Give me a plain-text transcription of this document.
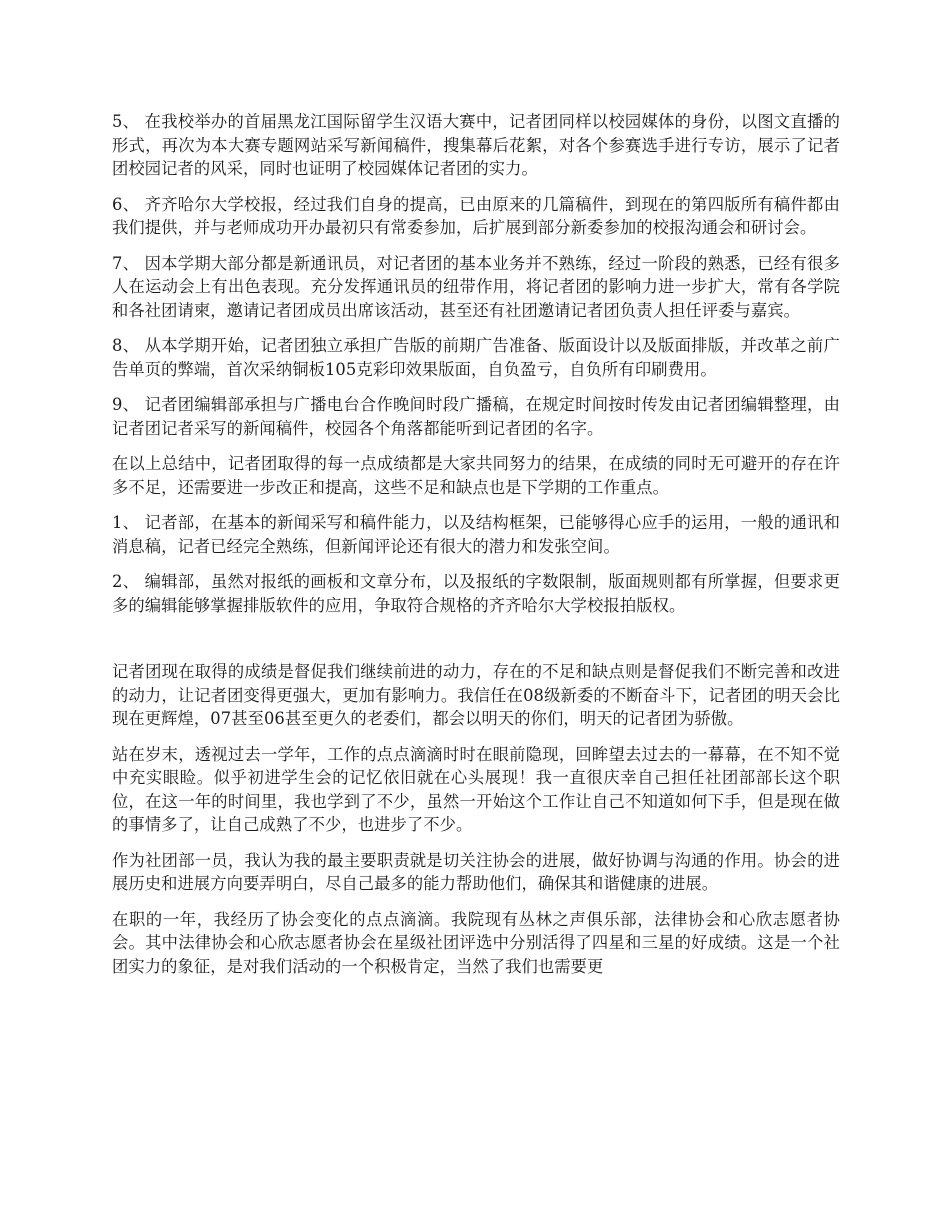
5、 在我校举办的首届黑龙江国际留学生汉语大赛中，记者团同样以校园媒体的身份，以图文直播的形式，再次为本大赛专题网站采写新闻稿件，搜集幕后花絮，对各个参赛选手进行专访，展示了记者团校园记者的风采，同时也证明了校园媒体记者团的实力。

6、 齐齐哈尔大学校报，经过我们自身的提高，已由原来的几篇稿件，到现在的第四版所有稿件都由我们提供，并与老师成功开办最初只有常委参加，后扩展到部分新委参加的校报沟通会和研讨会。

7、 因本学期大部分都是新通讯员，对记者团的基本业务并不熟练，经过一阶段的熟悉，已经有很多人在运动会上有出色表现。充分发挥通讯员的纽带作用，将记者团的影响力进一步扩大，常有各学院和各社团请柬，邀请记者团成员出席该活动，甚至还有社团邀请记者团负责人担任评委与嘉宾。

8、 从本学期开始，记者团独立承担广告版的前期广告准备、版面设计以及版面排版，并改革之前广告单页的弊端，首次采纳铜板105克彩印效果版面，自负盈亏，自负所有印刷费用。

9、 记者团编辑部承担与广播电台合作晚间时段广播稿，在规定时间按时传发由记者团编辑整理，由记者团记者采写的新闻稿件，校园各个角落都能听到记者团的名字。

在以上总结中，记者团取得的每一点成绩都是大家共同努力的结果，在成绩的同时无可避开的存在许多不足，还需要进一步改正和提高，这些不足和缺点也是下学期的工作重点。

1、 记者部，在基本的新闻采写和稿件能力，以及结构框架，已能够得心应手的运用，一般的通讯和消息稿，记者已经完全熟练，但新闻评论还有很大的潜力和发张空间。

2、 编辑部，虽然对报纸的画板和文章分布，以及报纸的字数限制，版面规则都有所掌握，但要求更多的编辑能够掌握排版软件的应用，争取符合规格的齐齐哈尔大学校报拍版权。

记者团现在取得的成绩是督促我们继续前进的动力，存在的不足和缺点则是督促我们不断完善和改进的动力，让记者团变得更强大，更加有影响力。我信任在08级新委的不断奋斗下，记者团的明天会比现在更辉煌，07甚至06甚至更久的老委们，都会以明天的你们，明天的记者团为骄傲。

站在岁末，透视过去一学年，工作的点点滴滴时时在眼前隐现，回眸望去过去的一幕幕，在不知不觉中充实眼睑。似乎初进学生会的记忆依旧就在心头展现！我一直很庆幸自己担任社团部部长这个职位，在这一年的时间里，我也学到了不少，虽然一开始这个工作让自己不知道如何下手，但是现在做的事情多了，让自己成熟了不少，也进步了不少。

作为社团部一员，我认为我的最主要职责就是切关注协会的进展，做好协调与沟通的作用。协会的进展历史和进展方向要弄明白，尽自己最多的能力帮助他们，确保其和谐健康的进展。

在职的一年，我经历了协会变化的点点滴滴。我院现有丛林之声俱乐部，法律协会和心欣志愿者协会。其中法律协会和心欣志愿者协会在星级社团评选中分别活得了四星和三星的好成绩。这是一个社团实力的象征，是对我们活动的一个积极肯定，当然了我们也需要更
